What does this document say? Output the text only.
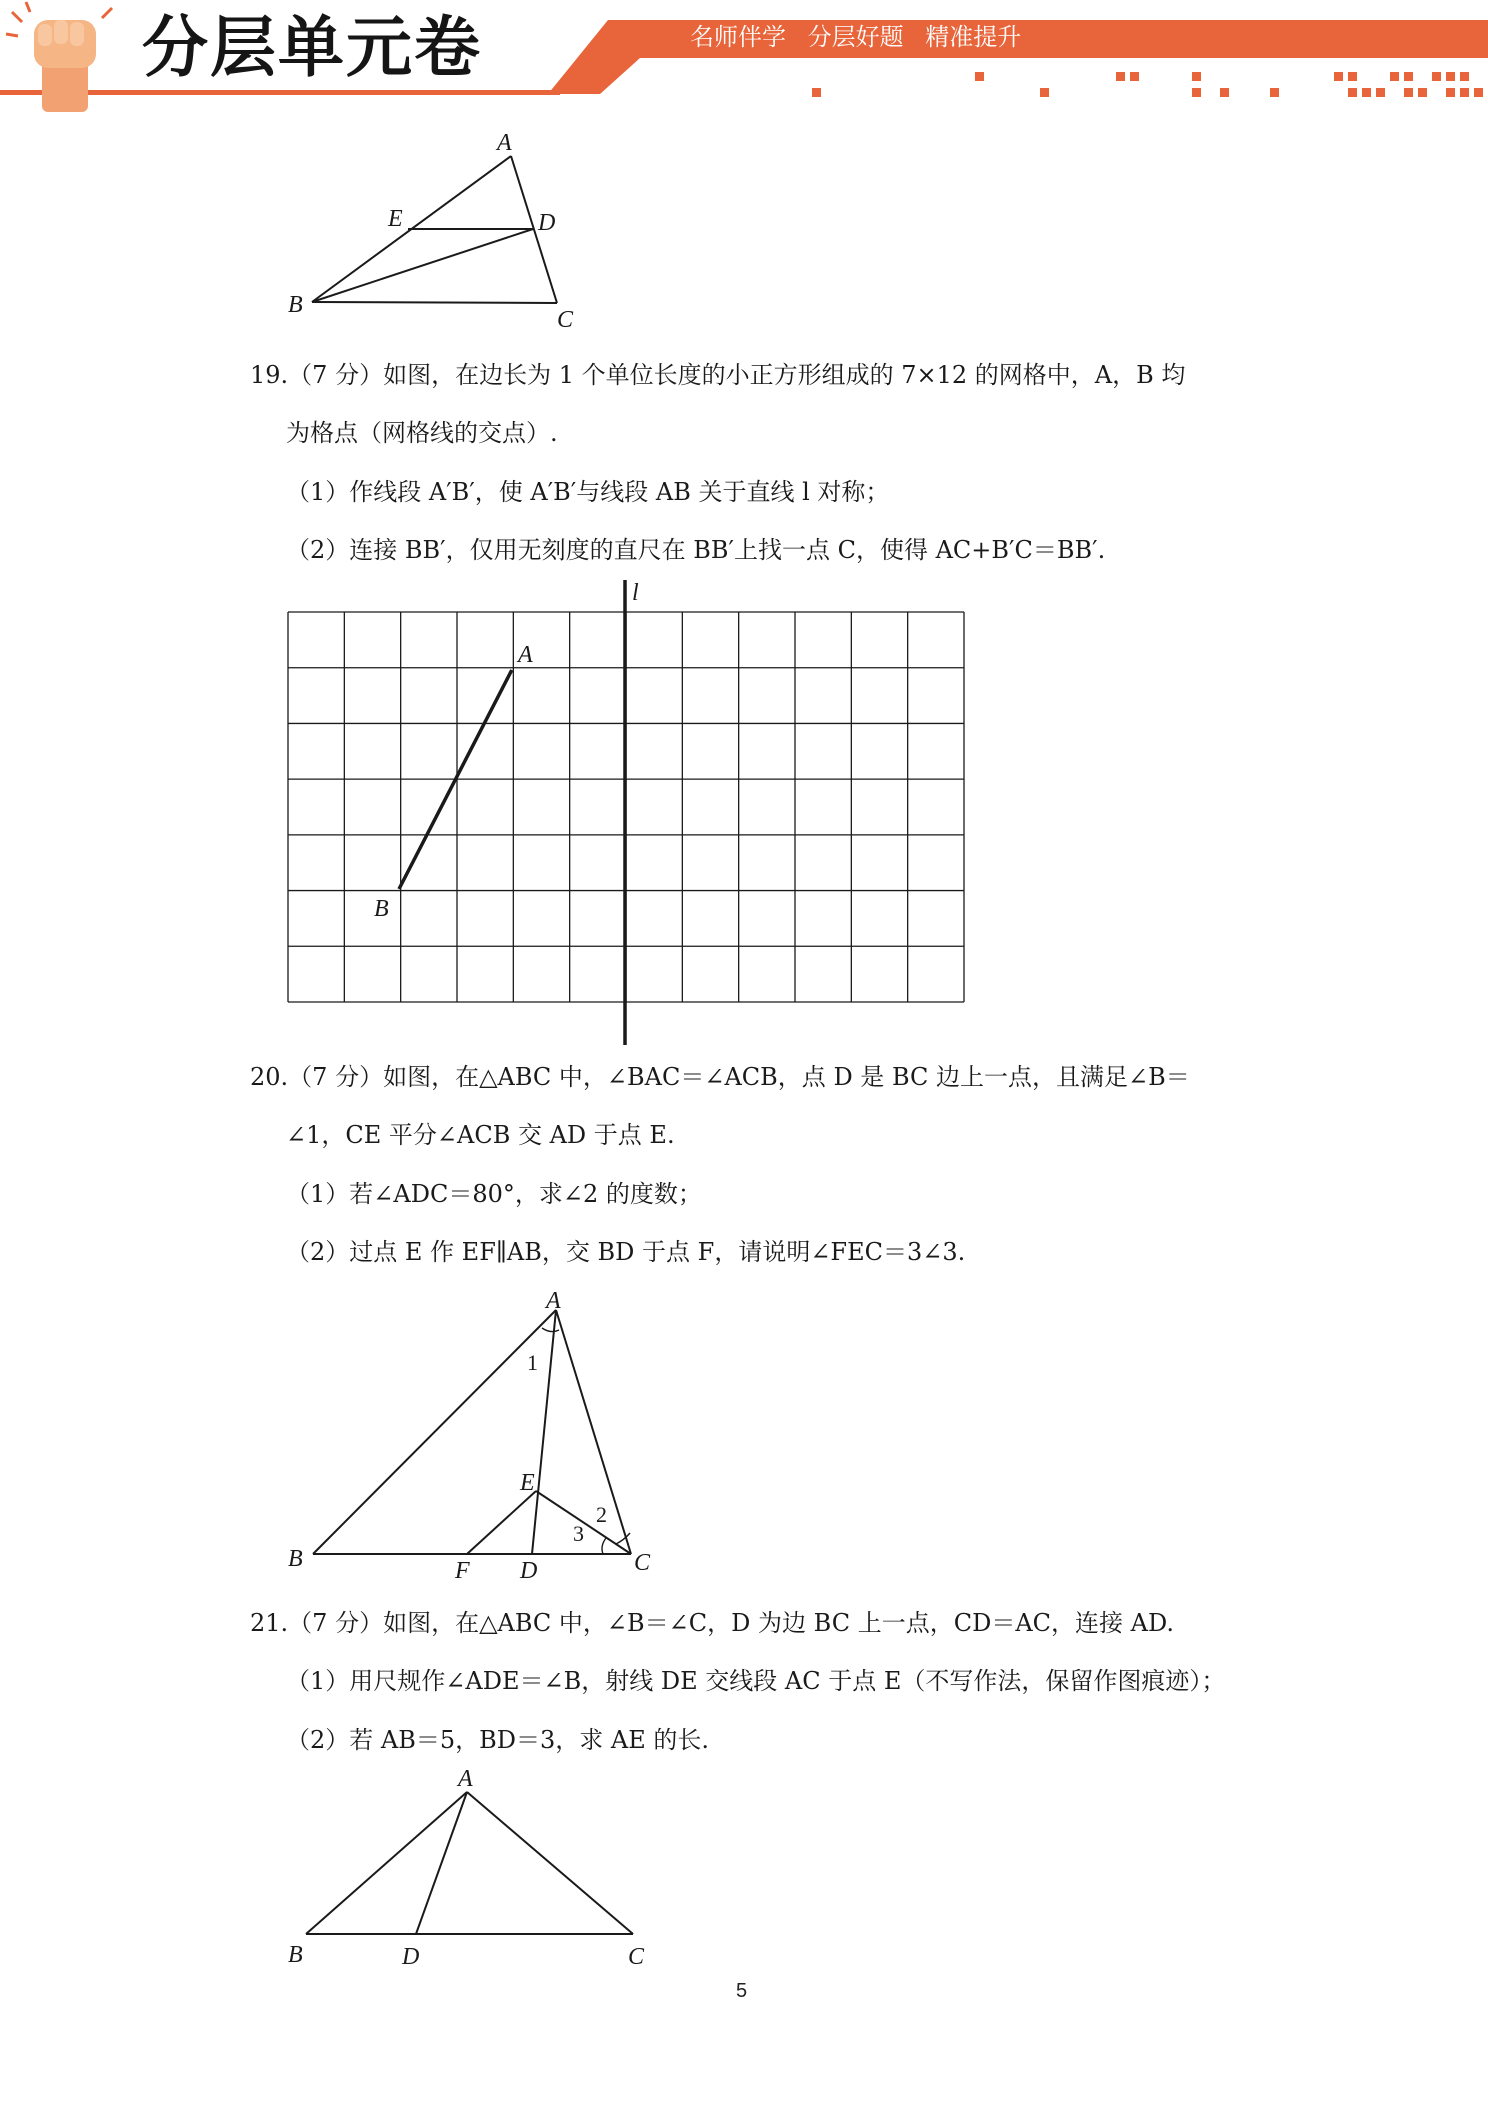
分层单元卷	名师伴学 分层好题 精准提升
A
E	D
B
C
19.（7 分）如图，在边长为 1 个单位长度的小正方形组成的 7×12 的网格中，A，B 均
为格点（网格线的交点）.
（1）作线段 A′B′，使 A′B′与线段 AB 关于直线 l 对称；
（2）连接 BB′，仅用无刻度的直尺在 BB′上找一点 C，使得 AC+B′C＝BB′.
l
A
B
20.（7 分）如图，在△ABC 中，∠BAC＝∠ACB，点 D 是 BC 边上一点，且满足∠B＝
∠1，CE 平分∠ACB 交 AD 于点 E.
（1）若∠ADC＝80°，求∠2 的度数；
（2）过点 E 作 EF∥AB，交 BD 于点 F，请说明∠FEC＝3∠3.
A
1
E
2
3
B	F D	C
21.（7 分）如图，在△ABC 中，∠B＝∠C，D 为边 BC 上一点，CD＝AC，连接 AD.
（1）用尺规作∠ADE＝∠B，射线 DE 交线段 AC 于点 E（不写作法，保留作图痕迹）；
（2）若 AB＝5，BD＝3，求 AE 的长.
A
B	D	C
5
